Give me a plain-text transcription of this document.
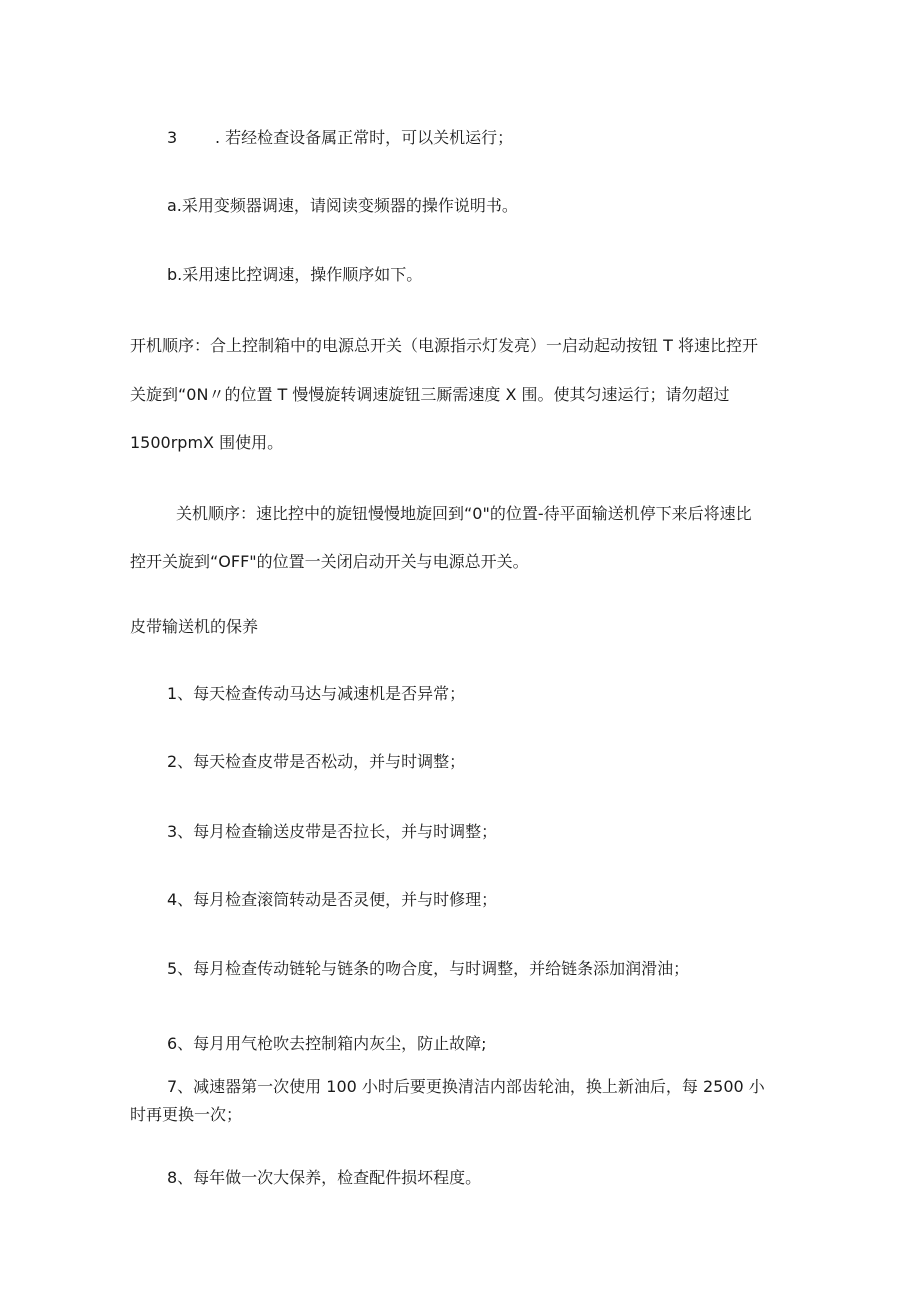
3 . 若经检查设备属正常时，可以关机运行；

a.采用变频器调速，请阅读变频器的操作说明书。

b.采用速比控调速，操作顺序如下。

开机顺序：合上控制箱中的电源总开关（电源指示灯发亮）一启动起动按钮 T 将速比控开

关旋到“0N〃的位置 T 慢慢旋转调速旋钮三厮需速度 X 围。使其匀速运行；请勿超过

1500rpmX 围使用。

关机顺序：速比控中的旋钮慢慢地旋回到“0"的位置-待平面输送机停下来后将速比

控开关旋到“OFF"的位置一关闭启动开关与电源总开关。

皮带输送机的保养

1、每天检查传动马达与减速机是否异常；

2、每天检查皮带是否松动，并与时调整；

3、每月检查输送皮带是否拉长，并与时调整；

4、每月检查滚筒转动是否灵便，并与时修理；

5、每月检查传动链轮与链条的吻合度，与时调整，并给链条添加润滑油；

6、每月用气枪吹去控制箱内灰尘，防止故障;

7、减速器第一次使用 100 小时后要更换清洁内部齿轮油，换上新油后，每 2500 小

时再更换一次；

8、每年做一次大保养，检查配件损坏程度。
